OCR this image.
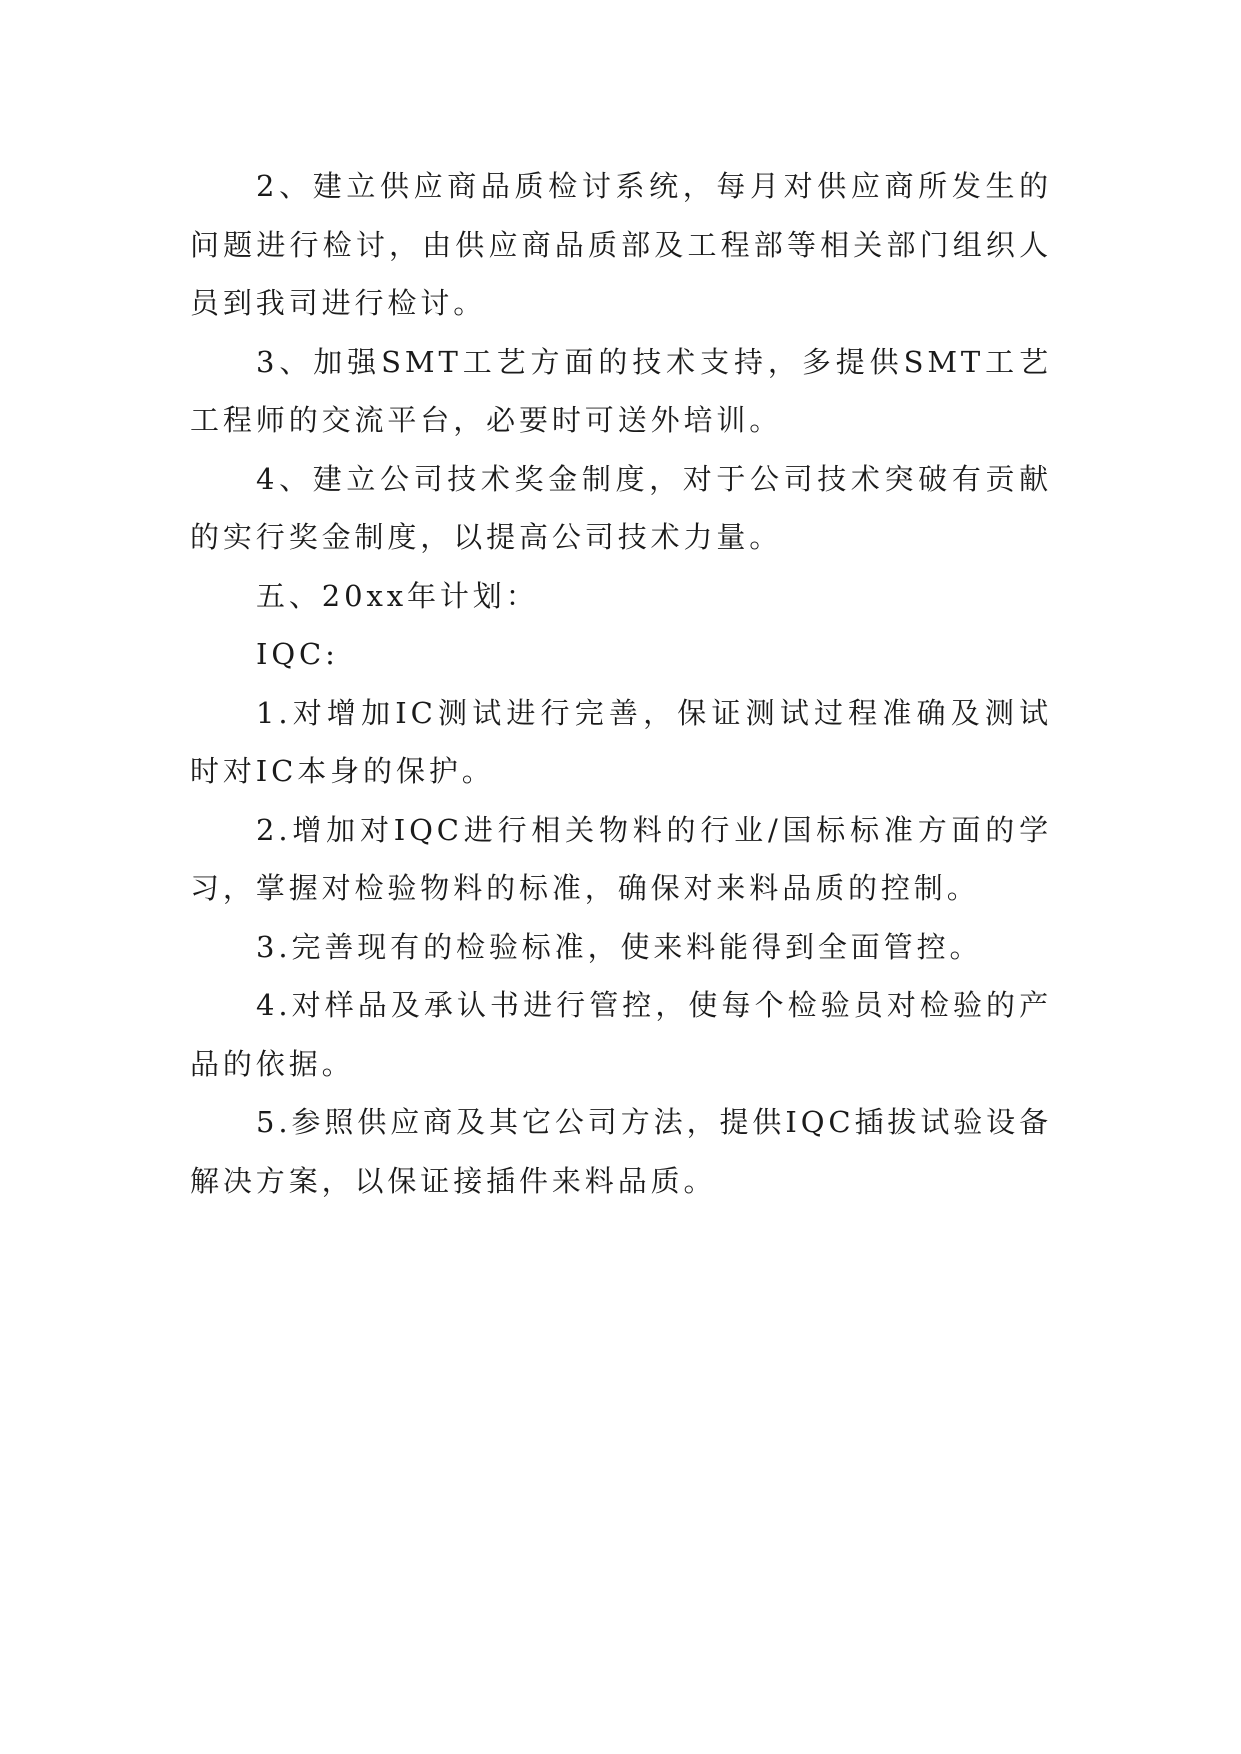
2、建立供应商品质检讨系统，每月对供应商所发生的问题进行检讨，由供应商品质部及工程部等相关部门组织人员到我司进行检讨。

3、加强SMT工艺方面的技术支持，多提供SMT工艺工程师的交流平台，必要时可送外培训。

4、建立公司技术奖金制度，对于公司技术突破有贡献的实行奖金制度，以提高公司技术力量。

五、20xx年计划：

IQC:

1.对增加IC测试进行完善，保证测试过程准确及测试时对IC本身的保护。

2.增加对IQC进行相关物料的行业/国标标准方面的学习，掌握对检验物料的标准，确保对来料品质的控制。

3.完善现有的检验标准，使来料能得到全面管控。

4.对样品及承认书进行管控，使每个检验员对检验的产品的依据。

5.参照供应商及其它公司方法，提供IQC插拔试验设备解决方案，以保证接插件来料品质。
